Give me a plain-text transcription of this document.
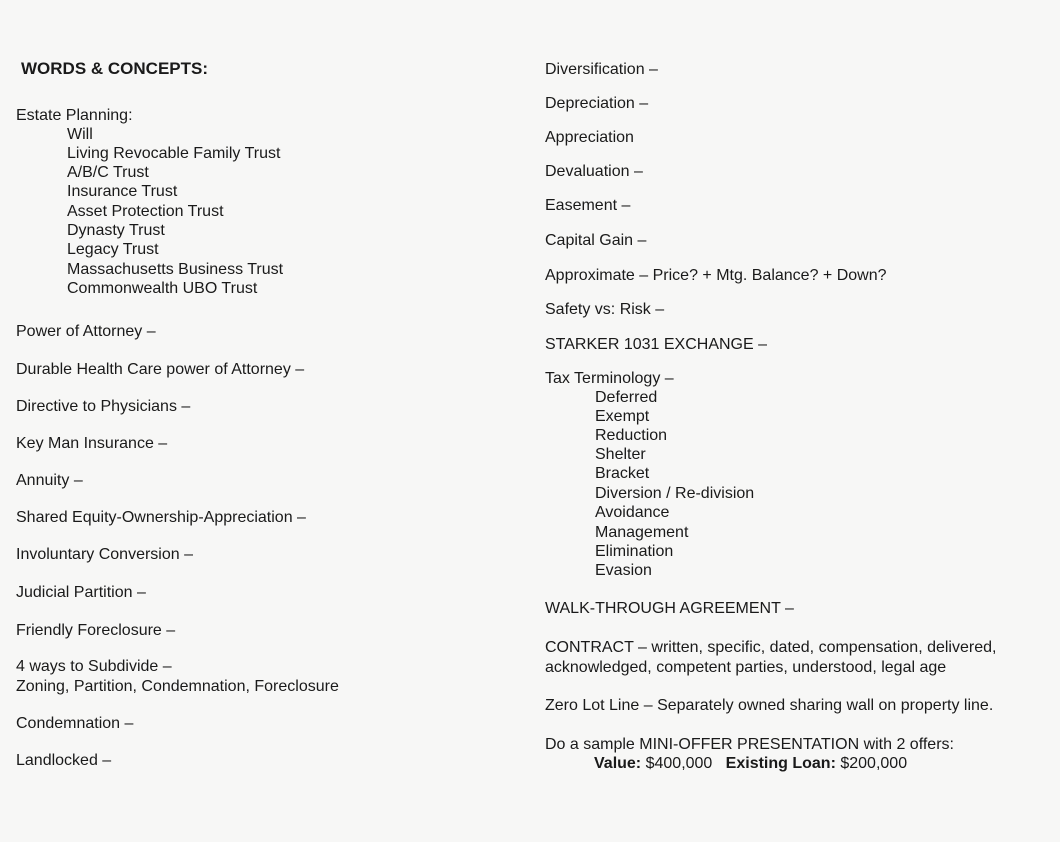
WORDS & CONCEPTS:
Estate Planning:
Will
Living Revocable Family Trust
A/B/C Trust
Insurance Trust
Asset Protection Trust
Dynasty Trust
Legacy Trust
Massachusetts Business Trust
Commonwealth UBO Trust
Power of Attorney –
Durable Health Care power of Attorney –
Directive to Physicians –
Key Man Insurance –
Annuity –
Shared Equity-Ownership-Appreciation –
Involuntary Conversion –
Judicial Partition –
Friendly Foreclosure –
4 ways to Subdivide –
Zoning, Partition, Condemnation, Foreclosure
Condemnation –
Landlocked –
Diversification –
Depreciation –
Appreciation
Devaluation –
Easement –
Capital Gain –
Approximate – Price? + Mtg. Balance? + Down?
Safety vs: Risk –
STARKER 1031 EXCHANGE –
Tax Terminology –
Deferred
Exempt
Reduction
Shelter
Bracket
Diversion / Re-division
Avoidance
Management
Elimination
Evasion
WALK-THROUGH AGREEMENT –
CONTRACT – written, specific, dated, compensation, delivered,
acknowledged, competent parties, understood, legal age
Zero Lot Line – Separately owned sharing wall on property line.
Do a sample MINI-OFFER PRESENTATION with 2 offers:
Value: $400,000 Existing Loan: $200,000
